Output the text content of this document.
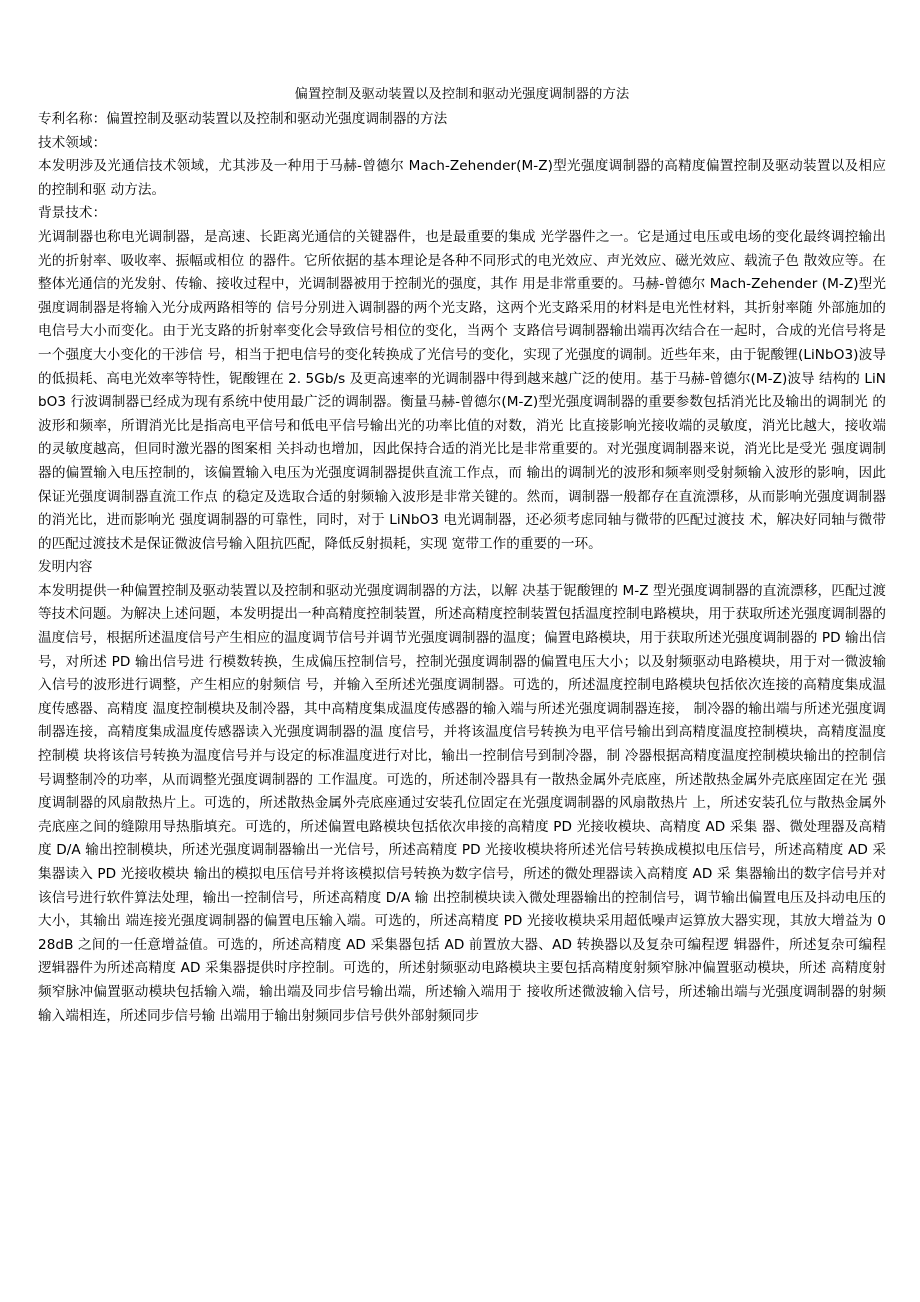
偏置控制及驱动装置以及控制和驱动光强度调制器的方法

专利名称：偏置控制及驱动装置以及控制和驱动光强度调制器的方法

技术领域：

本发明涉及光通信技术领域，尤其涉及一种用于马赫-曾德尔 Mach-Zehender(M-Z)型光强度调制器的高精度偏置控制及驱动装置以及相应的控制和驱 动方法。

背景技术：

光调制器也称电光调制器，是高速、长距离光通信的关键器件，也是最重要的集成 光学器件之一。它是通过电压或电场的变化最终调控输出光的折射率、吸收率、振幅或相位 的器件。它所依据的基本理论是各种不同形式的电光效应、声光效应、磁光效应、载流子色 散效应等。在整体光通信的光发射、传输、接收过程中，光调制器被用于控制光的强度，其作 用是非常重要的。马赫-曾德尔 Mach-Zehender (M-Z)型光强度调制器是将输入光分成两路相等的 信号分别进入调制器的两个光支路，这两个光支路采用的材料是电光性材料，其折射率随 外部施加的电信号大小而变化。由于光支路的折射率变化会导致信号相位的变化，当两个 支路信号调制器输出端再次结合在一起时，合成的光信号将是一个强度大小变化的干涉信 号，相当于把电信号的变化转换成了光信号的变化，实现了光强度的调制。近些年来，由于铌酸锂(LiNbO3)波导的低损耗、高电光效率等特性，铌酸锂在 2. 5Gb/s 及更高速率的光调制器中得到越来越广泛的使用。基于马赫-曾德尔(M-Z)波导 结构的 LiNbO3 行波调制器已经成为现有系统中使用最广泛的调制器。衡量马赫-曾德尔(M-Z)型光强度调制器的重要参数包括消光比及输出的调制光 的波形和频率，所谓消光比是指高电平信号和低电平信号输出光的功率比值的对数，消光 比直接影响光接收端的灵敏度，消光比越大，接收端的灵敏度越高，但同时激光器的图案相 关抖动也增加，因此保持合适的消光比是非常重要的。对光强度调制器来说，消光比是受光 强度调制器的偏置输入电压控制的，该偏置输入电压为光强度调制器提供直流工作点，而 输出的调制光的波形和频率则受射频输入波形的影响，因此保证光强度调制器直流工作点 的稳定及选取合适的射频输入波形是非常关键的。然而，调制器一般都存在直流漂移，从而影响光强度调制器的消光比，进而影响光 强度调制器的可靠性，同时，对于 LiNbO3 电光调制器，还必须考虑同轴与微带的匹配过渡技 术，解决好同轴与微带的匹配过渡技术是保证微波信号输入阻抗匹配，降低反射损耗，实现 宽带工作的重要的一环。

发明内容

本发明提供一种偏置控制及驱动装置以及控制和驱动光强度调制器的方法，以解 决基于铌酸锂的 M-Z 型光强度调制器的直流漂移，匹配过渡等技术问题。为解决上述问题，本发明提出一种高精度控制装置，所述高精度控制装置包括温度控制电路模块，用于获取所述光强度调制器的温度信号，根据所述温度信号产生相应的温度调节信号并调节光强度调制器的温度；偏置电路模块，用于获取所述光强度调制器的 PD 输出信号，对所述 PD 输出信号进 行模数转换，生成偏压控制信号，控制光强度调制器的偏置电压大小；以及射频驱动电路模块，用于对一微波输入信号的波形进行调整，产生相应的射频信 号，并输入至所述光强度调制器。可选的，所述温度控制电路模块包括依次连接的高精度集成温度传感器、高精度 温度控制模块及制冷器，其中高精度集成温度传感器的输入端与所述光强度调制器连接， 制冷器的输出端与所述光强度调制器连接，高精度集成温度传感器读入光强度调制器的温 度信号，并将该温度信号转换为电平信号输出到高精度温度控制模块，高精度温度控制模 块将该信号转换为温度信号并与设定的标准温度进行对比，输出一控制信号到制冷器，制 冷器根据高精度温度控制模块输出的控制信号调整制冷的功率，从而调整光强度调制器的 工作温度。可选的，所述制冷器具有一散热金属外壳底座，所述散热金属外壳底座固定在光 强度调制器的风扇散热片上。可选的，所述散热金属外壳底座通过安装孔位固定在光强度调制器的风扇散热片 上，所述安装孔位与散热金属外壳底座之间的缝隙用导热脂填充。可选的，所述偏置电路模块包括依次串接的高精度 PD 光接收模块、高精度 AD 采集 器、微处理器及高精度 D/A 输出控制模块，所述光强度调制器输出一光信号，所述高精度 PD 光接收模块将所述光信号转换成模拟电压信号，所述高精度 AD 采集器读入 PD 光接收模块 输出的模拟电压信号并将该模拟信号转换为数字信号，所述的微处理器读入高精度 AD 采 集器输出的数字信号并对该信号进行软件算法处理，输出一控制信号，所述高精度 D/A 输 出控制模块读入微处理器输出的控制信号，调节输出偏置电压及抖动电压的大小，其输出 端连接光强度调制器的偏置电压输入端。可选的，所述高精度 PD 光接收模块采用超低噪声运算放大器实现，其放大增益为 0 28dB 之间的一任意增益值。可选的，所述高精度 AD 采集器包括 AD 前置放大器、AD 转换器以及复杂可编程逻 辑器件，所述复杂可编程逻辑器件为所述高精度 AD 采集器提供时序控制。可选的，所述射频驱动电路模块主要包括高精度射频窄脉冲偏置驱动模块，所述 高精度射频窄脉冲偏置驱动模块包括输入端，输出端及同步信号输出端，所述输入端用于 接收所述微波输入信号，所述输出端与光强度调制器的射频输入端相连，所述同步信号输 出端用于输出射频同步信号供外部射频同步
